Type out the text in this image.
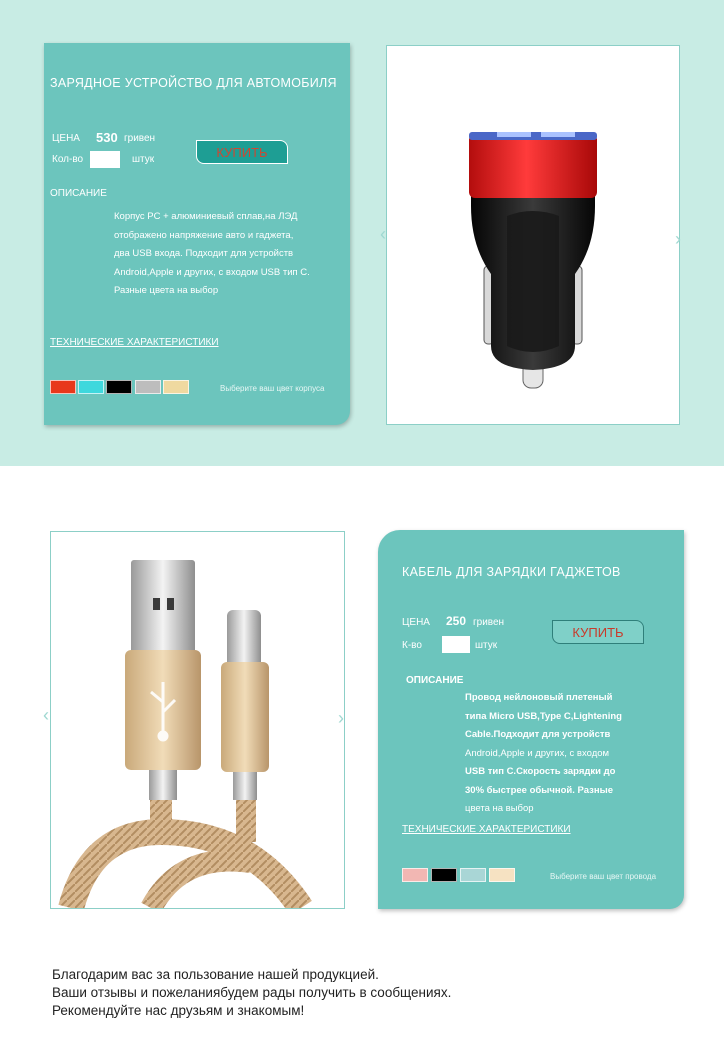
ЗАРЯДНОЕ УСТРОЙСТВО ДЛЯ АВТОМОБИЛЯ
ЦЕНА 530 гривен
Кол-во	штук	КУПИТЬ
ОПИСАНИЕ
Корпус PC + алюминиевый сплав,на ЛЭД
отображено напряжение авто и гаджета,
два USB входа. Подходит для устройств
Android,Apple и других, с входом USB тип С.
Разные цвета на выбор
ТЕХНИЧЕСКИЕ ХАРАКТЕРИСТИКИ
Выберите ваш цвет корпуса
‹	›
‹	›
КАБЕЛЬ ДЛЯ ЗАРЯДКИ ГАДЖЕТОВ
ЦЕНА 250 гривен
К-во	штук
КУПИТЬ
ОПИСАНИЕ
Провод нейлоновый плетеный
типа Micro USB,Type C,Lightening
Cable.Подходит для устройств
Android,Apple и других, с входом
USB тип С.Скорость зарядки до
30% быстрее обычной. Разные
цвета на выбор
ТЕХНИЧЕСКИЕ ХАРАКТЕРИСТИКИ
Выберите ваш цвет провода
Благодарим вас за пользование нашей продукцией.
Ваши отзывы и пожеланиябудем рады получить в сообщениях.
Рекомендуйте нас друзьям и знакомым!
